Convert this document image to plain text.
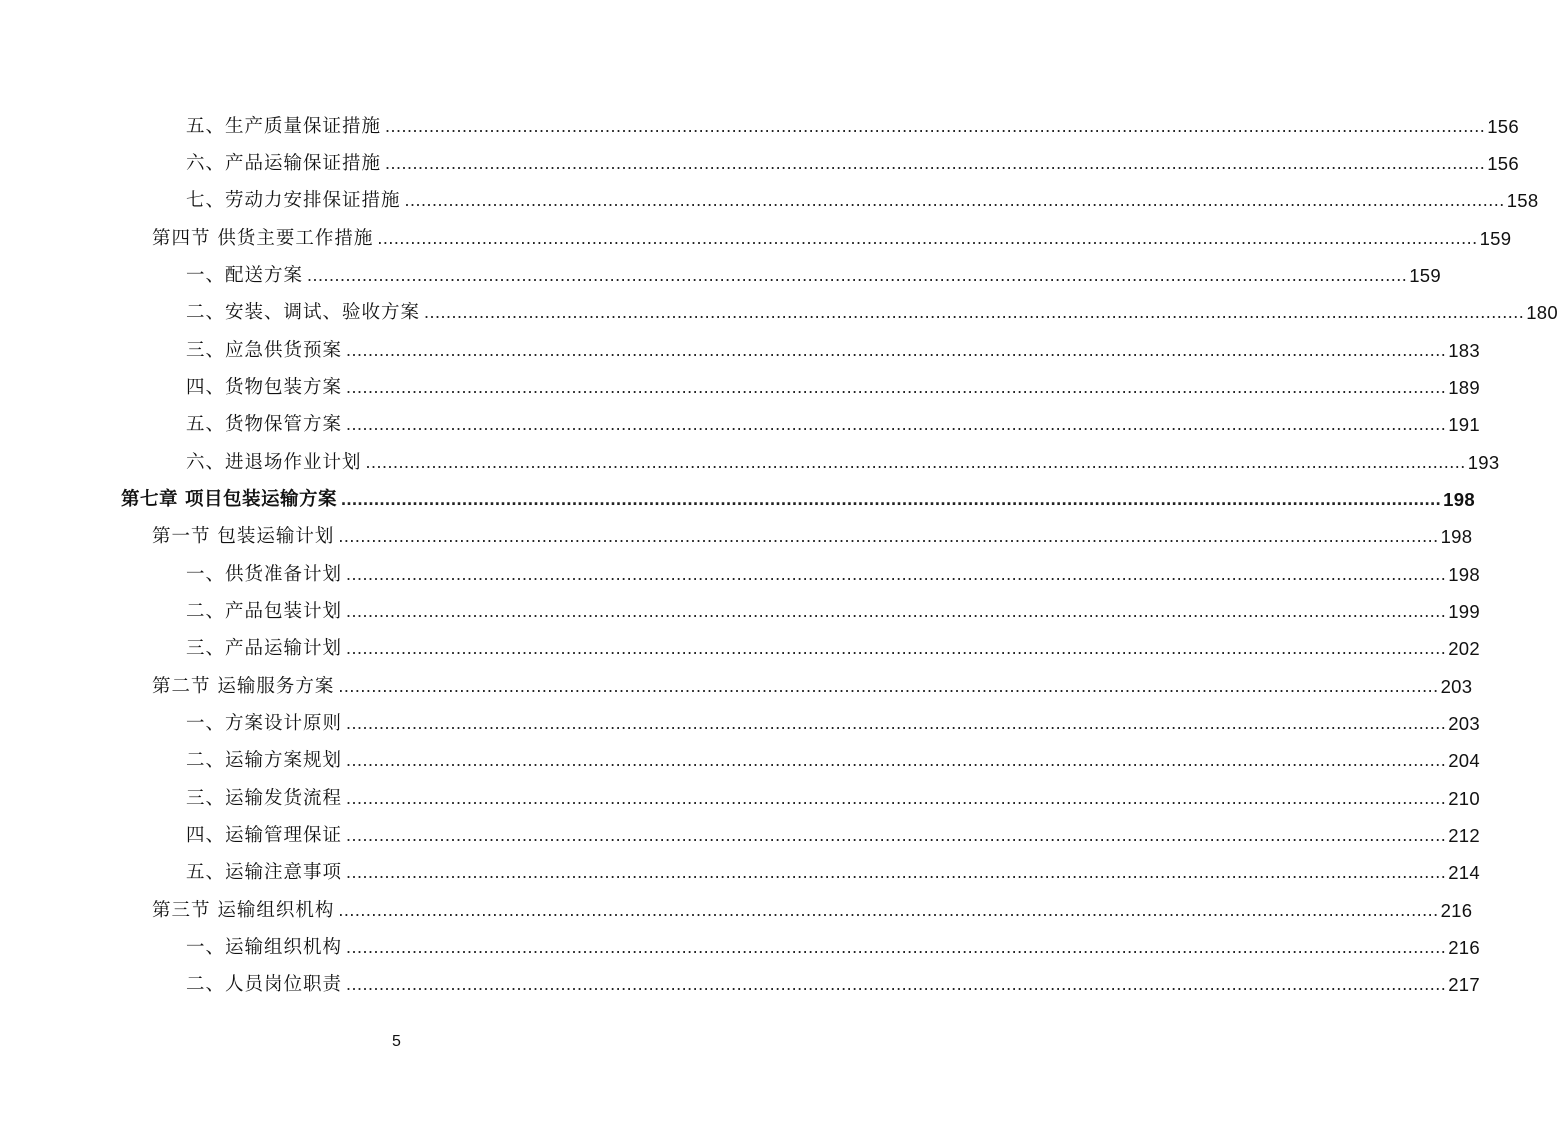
五、生产质量保证措施 ........................................................................................................................................................................................................ 156
六、产品运输保证措施 ........................................................................................................................................................................................................ 156
七、劳动力安排保证措施 ........................................................................................................................................................................................................ 158
第四节 供货主要工作措施 ........................................................................................................................................................................................................ 159
一、配送方案 ........................................................................................................................................................................................................ 159
二、安装、调试、验收方案 ........................................................................................................................................................................................................ 180
三、应急供货预案 ........................................................................................................................................................................................................ 183
四、货物包装方案 ........................................................................................................................................................................................................ 189
五、货物保管方案 ........................................................................................................................................................................................................ 191
六、进退场作业计划 ........................................................................................................................................................................................................ 193
第七章 项目包装运输方案 ........................................................................................................................................................................................................ 198
第一节 包装运输计划 ........................................................................................................................................................................................................ 198
一、供货准备计划 ........................................................................................................................................................................................................ 198
二、产品包装计划 ........................................................................................................................................................................................................ 199
三、产品运输计划 ........................................................................................................................................................................................................ 202
第二节 运输服务方案 ........................................................................................................................................................................................................ 203
一、方案设计原则 ........................................................................................................................................................................................................ 203
二、运输方案规划 ........................................................................................................................................................................................................ 204
三、运输发货流程 ........................................................................................................................................................................................................ 210
四、运输管理保证 ........................................................................................................................................................................................................ 212
五、运输注意事项 ........................................................................................................................................................................................................ 214
第三节 运输组织机构 ........................................................................................................................................................................................................ 216
一、运输组织机构 ........................................................................................................................................................................................................ 216
二、人员岗位职责 ........................................................................................................................................................................................................ 217
5
